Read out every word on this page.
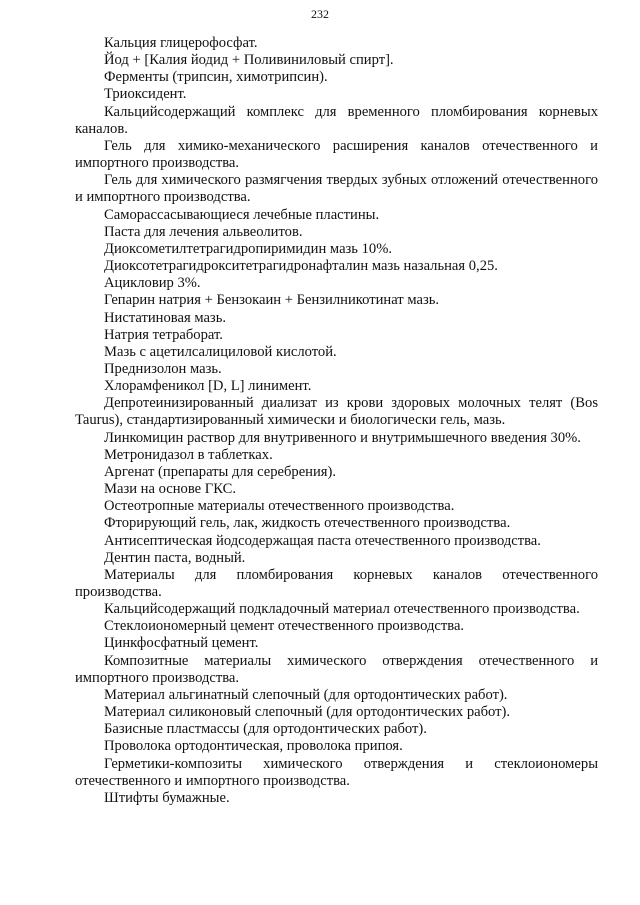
232

Кальция глицерофосфат.

Йод + [Калия йодид + Поливиниловый спирт].

Ферменты (трипсин, химотрипсин).

Триоксидент.

Кальцийсодержащий комплекс для временного пломбирования корневых каналов.

Гель для химико-механического расширения каналов отечественного и импортного производства.

Гель для химического размягчения твердых зубных отложений отечественного и импортного производства.

Саморассасывающиеся лечебные пластины.

Паста для лечения альвеолитов.

Диоксометилтетрагидропиримидин мазь 10%.

Диоксотетрагидрокситетрагидронафталин мазь назальная 0,25.

Ацикловир 3%.

Гепарин натрия + Бензокаин + Бензилникотинат мазь.

Нистатиновая мазь.

Натрия тетраборат.

Мазь с ацетилсалициловой кислотой.

Преднизолон мазь.

Хлорамфеникол [D, L] линимент.

Депротеинизированный диализат из крови здоровых молочных телят (Bos Taurus), стандартизированный химически и биологически гель, мазь.

Линкомицин раствор для внутривенного и внутримышечного введения 30%.

Метронидазол в таблетках.

Аргенат (препараты для серебрения).

Мази на основе ГКС.

Остеотропные материалы отечественного производства.

Фторирующий гель, лак, жидкость отечественного производства.

Антисептическая йодсодержащая паста отечественного производства.

Дентин паста, водный.

Материалы для пломбирования корневых каналов отечественного производства.

Кальцийсодержащий подкладочный материал отечественного производства.

Стеклоиономерный цемент отечественного производства.

Цинкфосфатный цемент.

Композитные материалы химического отверждения отечественного и импортного производства.

Материал альгинатный слепочный (для ортодонтических работ).

Материал силиконовый слепочный (для ортодонтических работ).

Базисные пластмассы (для ортодонтических работ).

Проволока ортодонтическая, проволока припоя.

Герметики-композиты химического отверждения и стеклоиономеры отечественного и импортного производства.

Штифты бумажные.
